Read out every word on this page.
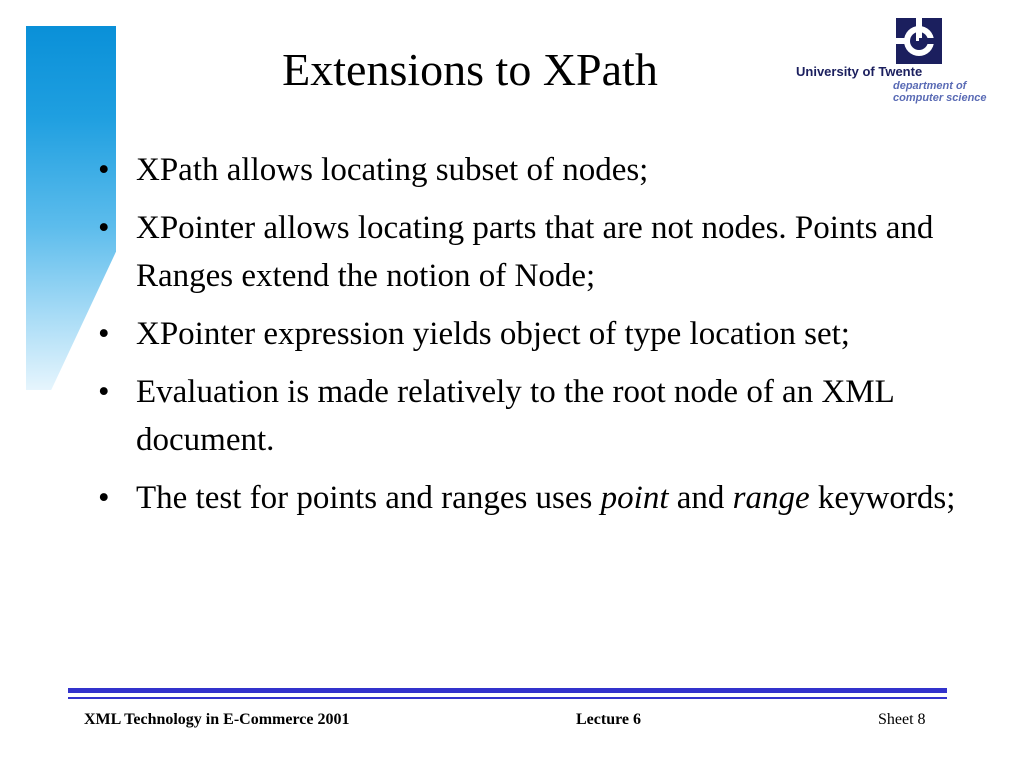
Extensions to XPath	University of Twente
department of
computer science
• XPath allows locating subset of nodes;
• XPointer allows locating parts that are not nodes. Points and Ranges extend the notion of Node;
• XPointer expression yields object of type location set;
• Evaluation is made relatively to the root node of an XML document.
• The test for points and ranges uses point and range keywords;
XML Technology in E-Commerce 2001	Lecture 6	Sheet 8
